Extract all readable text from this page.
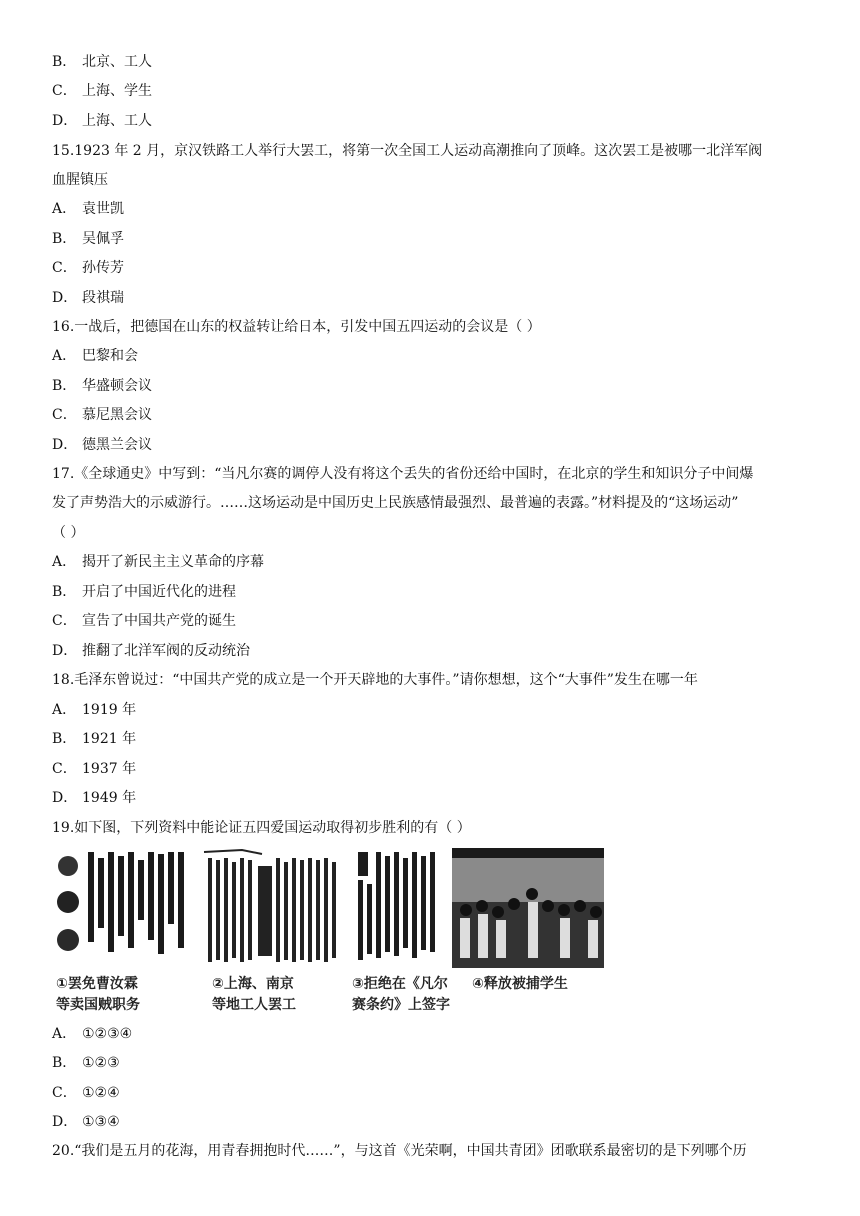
B． 北京、工人
C． 上海、学生
D． 上海、工人
15.1923 年 2 月，京汉铁路工人举行大罢工，将第一次全国工人运动高潮推向了顶峰。这次罢工是被哪一北洋军阀
血腥镇压
A． 袁世凯
B． 吴佩孚
C． 孙传芳
D． 段祺瑞
16.一战后，把德国在山东的权益转让给日本，引发中国五四运动的会议是（ ）
A． 巴黎和会
B． 华盛顿会议
C． 慕尼黑会议
D． 德黑兰会议
17.《全球通史》中写到：“当凡尔赛的调停人没有将这个丢失的省份还给中国时，在北京的学生和知识分子中间爆
发了声势浩大的示威游行。……这场运动是中国历史上民族感情最强烈、最普遍的表露。”材料提及的“这场运动”
（ ）
A． 揭开了新民主主义革命的序幕
B． 开启了中国近代化的进程
C． 宣告了中国共产党的诞生
D． 推翻了北洋军阀的反动统治
18.毛泽东曾说过：“中国共产党的成立是一个开天辟地的大事件。”请你想想，这个“大事件”发生在哪一年
A． 1919 年
B． 1921 年
C． 1937 年
D． 1949 年
19.如下图，下列资料中能论证五四爱国运动取得初步胜利的有（ ）
①罢免曹汝霖
等卖国贼职务
②上海、南京
等地工人罢工
③拒绝在《凡尔
赛条约》上签字
④释放被捕学生
A． ①②③④
B． ①②③
C． ①②④
D． ①③④
20.“我们是五月的花海，用青春拥抱时代……”，与这首《光荣啊，中国共青团》团歌联系最密切的是下列哪个历
